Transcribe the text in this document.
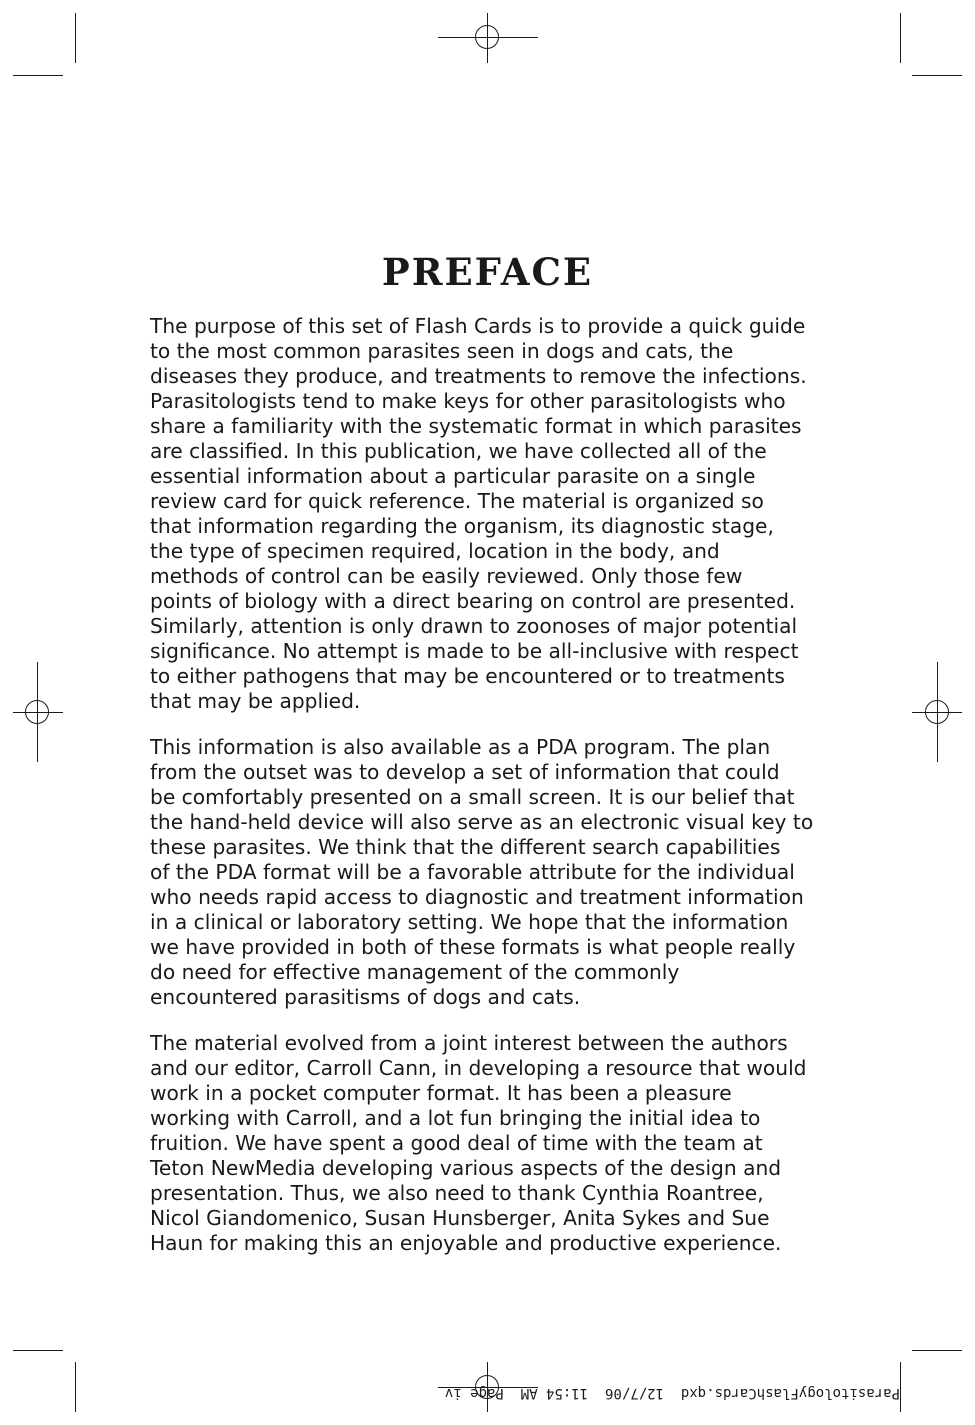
PREFACE

The purpose of this set of Flash Cards is to provide a quick guide
to the most common parasites seen in dogs and cats, the
diseases they produce, and treatments to remove the infections.
Parasitologists tend to make keys for other parasitologists who
share a familiarity with the systematic format in which parasites
are classified. In this publication, we have collected all of the
essential information about a particular parasite on a single
review card for quick reference. The material is organized so
that information regarding the organism, its diagnostic stage,
the type of specimen required, location in the body, and
methods of control can be easily reviewed. Only those few
points of biology with a direct bearing on control are presented.
Similarly, attention is only drawn to zoonoses of major potential
significance. No attempt is made to be all-inclusive with respect
to either pathogens that may be encountered or to treatments
that may be applied.

This information is also available as a PDA program. The plan
from the outset was to develop a set of information that could
be comfortably presented on a small screen. It is our belief that
the hand-held device will also serve as an electronic visual key to
these parasites. We think that the different search capabilities
of the PDA format will be a favorable attribute for the individual
who needs rapid access to diagnostic and treatment information
in a clinical or laboratory setting. We hope that the information
we have provided in both of these formats is what people really
do need for effective management of the commonly
encountered parasitisms of dogs and cats.

The material evolved from a joint interest between the authors
and our editor, Carroll Cann, in developing a resource that would
work in a pocket computer format. It has been a pleasure
working with Carroll, and a lot fun bringing the initial idea to
fruition. We have spent a good deal of time with the team at
Teton NewMedia developing various aspects of the design and
presentation. Thus, we also need to thank Cynthia Roantree,
Nicol Giandomenico, Susan Hunsberger, Anita Sykes and Sue
Haun for making this an enjoyable and productive experience.

ParasitologyFlashCards.qxd  12/7/06  11:54 AM  Page iv
